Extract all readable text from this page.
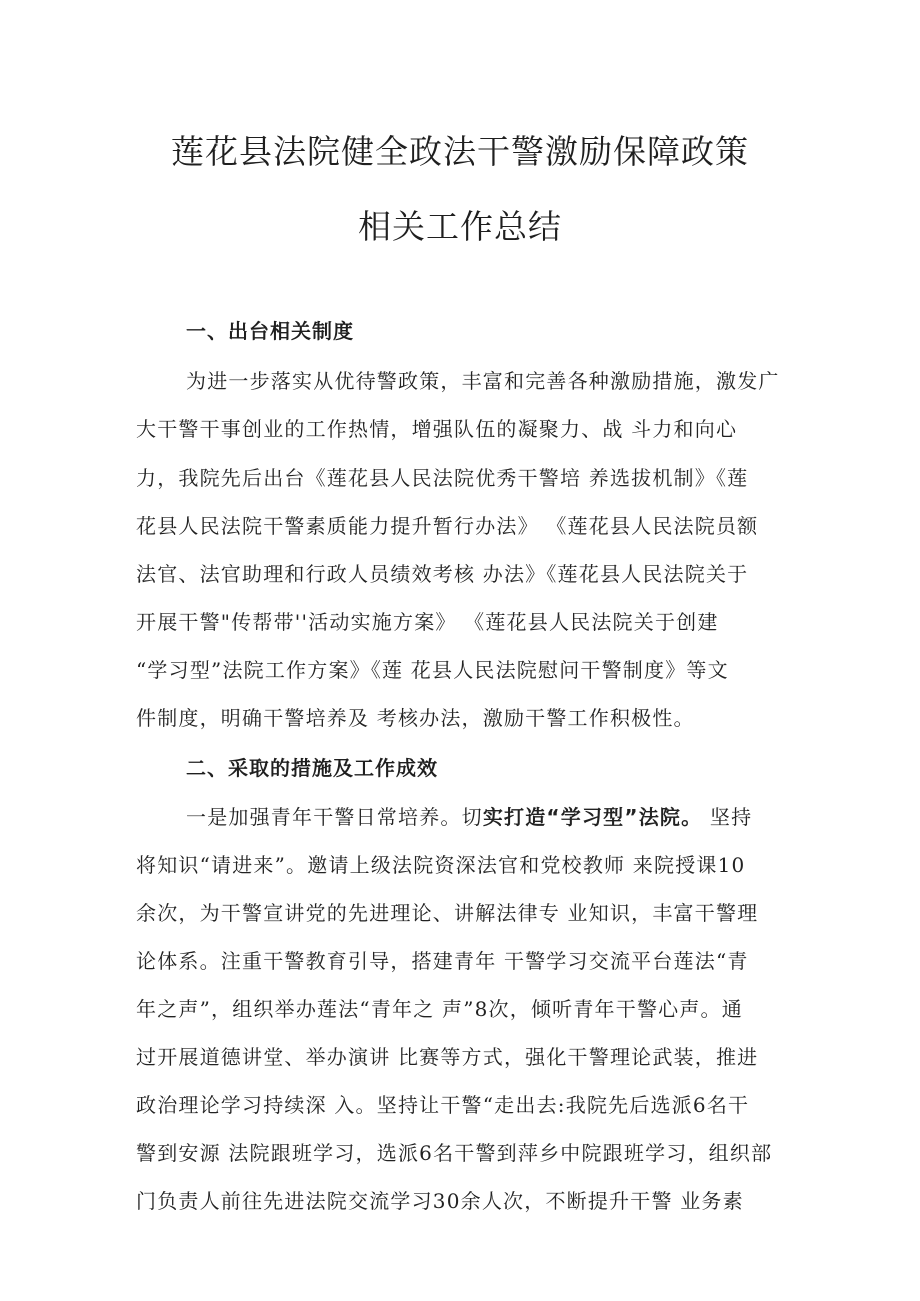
莲花县法院健全政法干警激励保障政策
相关工作总结
一、出台相关制度
为进一步落实从优待警政策，丰富和完善各种激励措施，激发广
大干警干事创业的工作热情，增强队伍的凝聚力、战 斗力和向心
力，我院先后出台《莲花县人民法院优秀干警培 养选拔机制》《莲
花县人民法院干警素质能力提升暂行办法》 《莲花县人民法院员额
法官、法官助理和行政人员绩效考核 办法》《莲花县人民法院关于
开展干警"传帮带''活动实施方案》 《莲花县人民法院关于创建
“学习型”法院工作方案》《莲 花县人民法院慰问干警制度》等文
件制度，明确干警培养及 考核办法，激励干警工作积极性。
二、采取的措施及工作成效
一是加强青年干警日常培养。切实打造“学习型”法院。 坚持
将知识“请进来”。邀请上级法院资深法官和党校教师 来院授课10
余次，为干警宣讲党的先进理论、讲解法律专 业知识，丰富干警理
论体系。注重干警教育引导，搭建青年 干警学习交流平台莲法“青
年之声”，组织举办莲法“青年之 声”8次，倾听青年干警心声。通
过开展道德讲堂、举办演讲 比赛等方式，强化干警理论武装，推进
政治理论学习持续深 入。坚持让干警“走出去:我院先后选派6名干
警到安源 法院跟班学习，选派6名干警到萍乡中院跟班学习，组织部
门负责人前往先进法院交流学习30余人次，不断提升干警 业务素
